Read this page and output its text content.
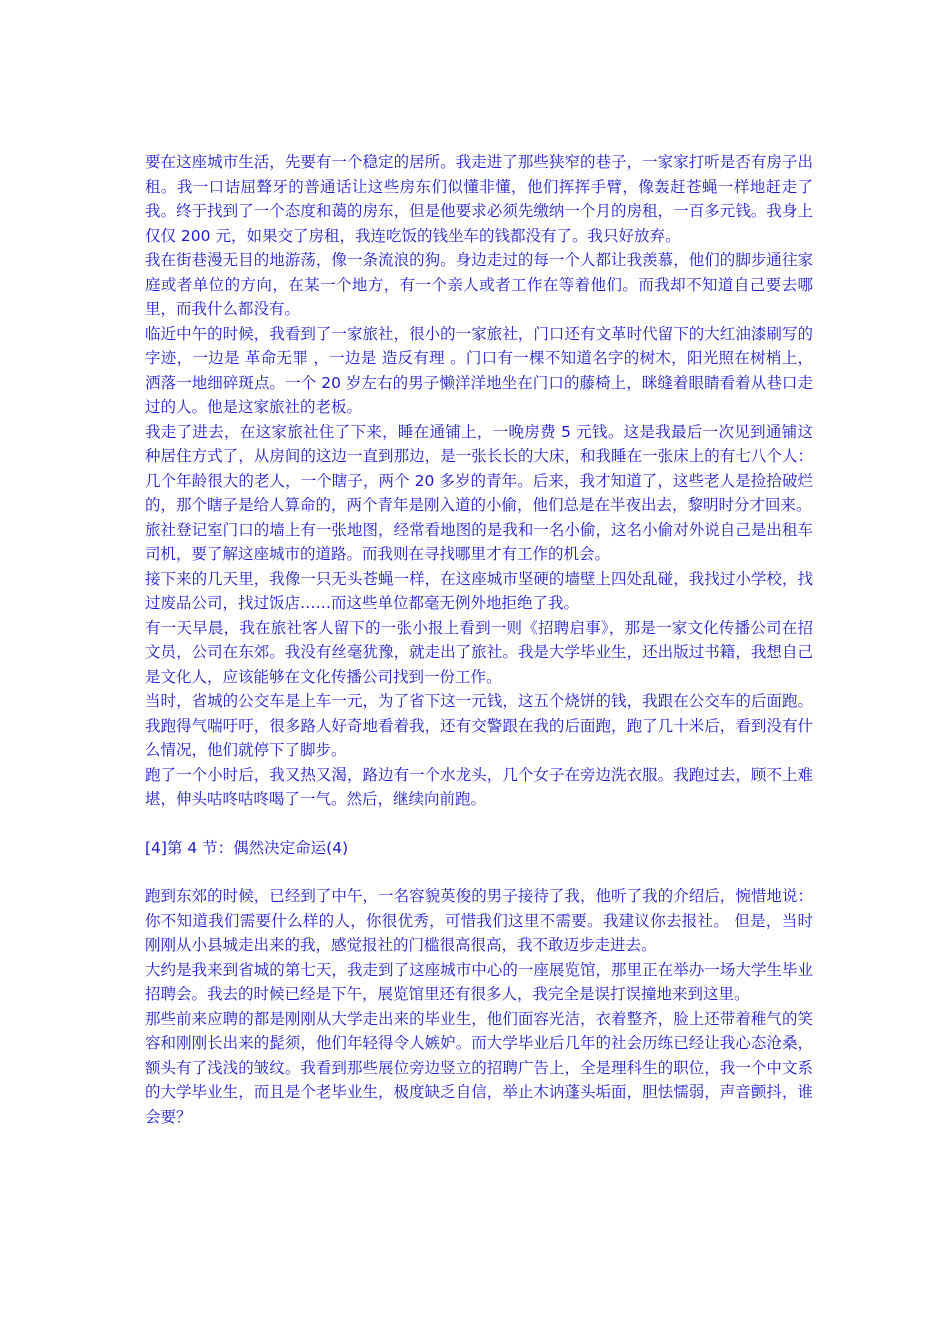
要在这座城市生活，先要有一个稳定的居所。我走进了那些狭窄的巷子，一家家打听是否有房子出租。我一口诘屈聱牙的普通话让这些房东们似懂非懂，他们挥挥手臂，像轰赶苍蝇一样地赶走了我。终于找到了一个态度和蔼的房东，但是他要求必须先缴纳一个月的房租，一百多元钱。我身上仅仅 200 元，如果交了房租，我连吃饭的钱坐车的钱都没有了。我只好放弃。

我在街巷漫无目的地游荡，像一条流浪的狗。身边走过的每一个人都让我羡慕，他们的脚步通往家庭或者单位的方向，在某一个地方，有一个亲人或者工作在等着他们。而我却不知道自己要去哪里，而我什么都没有。

临近中午的时候，我看到了一家旅社，很小的一家旅社，门口还有文革时代留下的大红油漆刷写的字迹，一边是 革命无罪 ，一边是 造反有理 。门口有一棵不知道名字的树木，阳光照在树梢上，洒落一地细碎斑点。一个 20 岁左右的男子懒洋洋地坐在门口的藤椅上，眯缝着眼睛看着从巷口走过的人。他是这家旅社的老板。

我走了进去，在这家旅社住了下来，睡在通铺上，一晚房费 5 元钱。这是我最后一次见到通铺这种居住方式了，从房间的这边一直到那边，是一张长长的大床，和我睡在一张床上的有七八个人：几个年龄很大的老人，一个瞎子，两个 20 多岁的青年。后来，我才知道了，这些老人是捡拾破烂的，那个瞎子是给人算命的，两个青年是刚入道的小偷，他们总是在半夜出去，黎明时分才回来。

旅社登记室门口的墙上有一张地图，经常看地图的是我和一名小偷，这名小偷对外说自己是出租车司机，要了解这座城市的道路。而我则在寻找哪里才有工作的机会。

接下来的几天里，我像一只无头苍蝇一样，在这座城市坚硬的墙壁上四处乱碰，我找过小学校，找过废品公司，找过饭店……而这些单位都毫无例外地拒绝了我。

有一天早晨，我在旅社客人留下的一张小报上看到一则《招聘启事》，那是一家文化传播公司在招文员，公司在东郊。我没有丝毫犹豫，就走出了旅社。我是大学毕业生，还出版过书籍，我想自己是文化人，应该能够在文化传播公司找到一份工作。

当时，省城的公交车是上车一元，为了省下这一元钱，这五个烧饼的钱，我跟在公交车的后面跑。我跑得气喘吁吁，很多路人好奇地看着我，还有交警跟在我的后面跑，跑了几十米后，看到没有什么情况，他们就停下了脚步。

跑了一个小时后，我又热又渴，路边有一个水龙头，几个女子在旁边洗衣服。我跑过去，顾不上难堪，伸头咕咚咕咚喝了一气。然后，继续向前跑。

[4]第 4 节：偶然决定命运(4)

跑到东郊的时候，已经到了中午，一名容貌英俊的男子接待了我，他听了我的介绍后，惋惜地说： 你不知道我们需要什么样的人，你很优秀，可惜我们这里不需要。我建议你去报社。 但是，当时刚刚从小县城走出来的我，感觉报社的门槛很高很高，我不敢迈步走进去。

大约是我来到省城的第七天，我走到了这座城市中心的一座展览馆，那里正在举办一场大学生毕业招聘会。我去的时候已经是下午，展览馆里还有很多人，我完全是误打误撞地来到这里。

那些前来应聘的都是刚刚从大学走出来的毕业生，他们面容光洁，衣着整齐，脸上还带着稚气的笑容和刚刚长出来的髭须，他们年轻得令人嫉妒。而大学毕业后几年的社会历练已经让我心态沧桑，额头有了浅浅的皱纹。我看到那些展位旁边竖立的招聘广告上，全是理科生的职位，我一个中文系的大学毕业生，而且是个老毕业生，极度缺乏自信，举止木讷蓬头垢面，胆怯懦弱，声音颤抖，谁会要？
